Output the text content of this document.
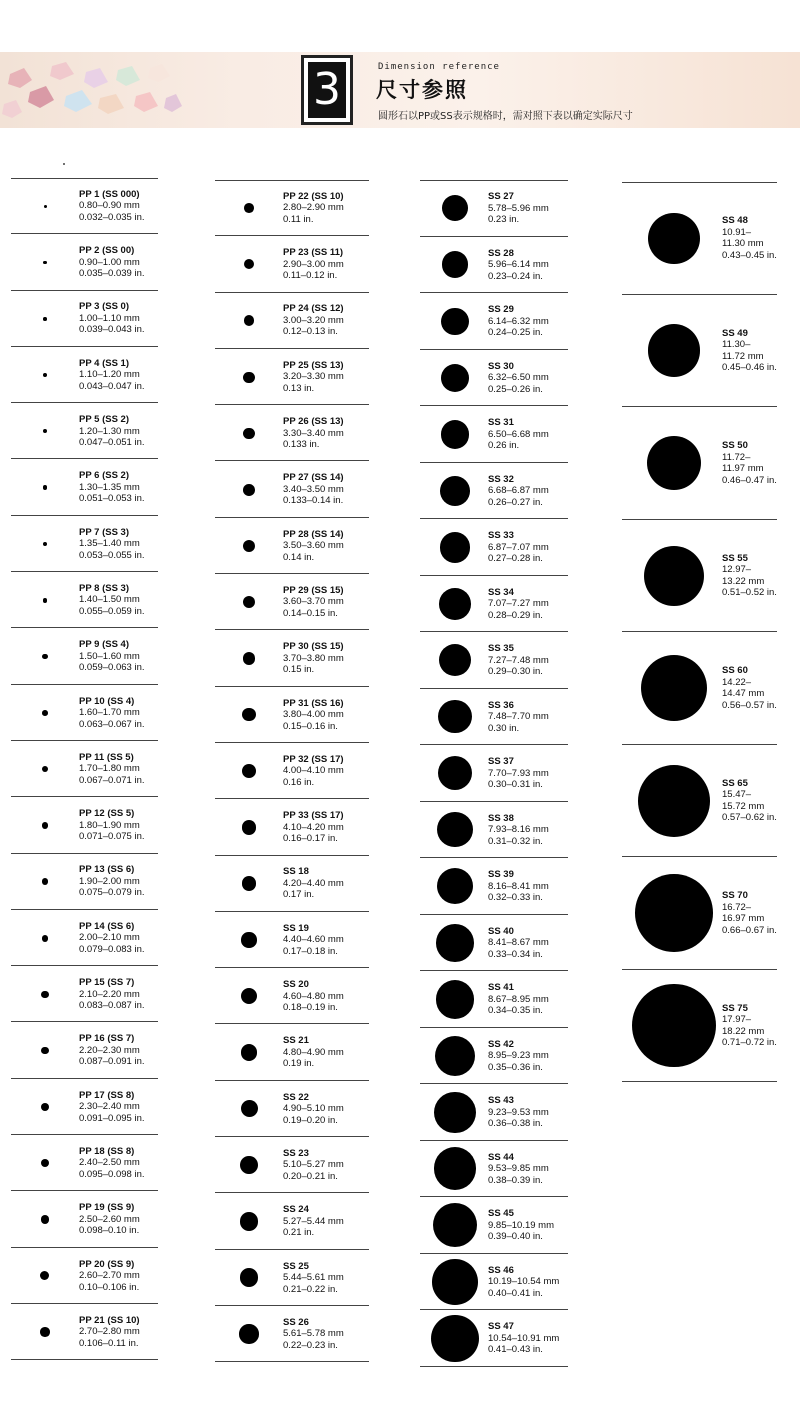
3	Dimension reference
尺寸参照
圆形石以PP或SS表示规格时，需对照下表以确定实际尺寸
PP 1 (SS 000)
0.80–0.90 mm
0.032–0.035 in.
PP 2 (SS 00)
0.90–1.00 mm
0.035–0.039 in.
PP 3 (SS 0)
1.00–1.10 mm
0.039–0.043 in.
PP 4 (SS 1)
1.10–1.20 mm
0.043–0.047 in.
PP 5 (SS 2)
1.20–1.30 mm
0.047–0.051 in.
PP 6 (SS 2)
1.30–1.35 mm
0.051–0.053 in.
PP 7 (SS 3)
1.35–1.40 mm
0.053–0.055 in.
PP 8 (SS 3)
1.40–1.50 mm
0.055–0.059 in.
PP 9 (SS 4)
1.50–1.60 mm
0.059–0.063 in.
PP 10 (SS 4)
1.60–1.70 mm
0.063–0.067 in.
PP 11 (SS 5)
1.70–1.80 mm
0.067–0.071 in.
PP 12 (SS 5)
1.80–1.90 mm
0.071–0.075 in.
PP 13 (SS 6)
1.90–2.00 mm
0.075–0.079 in.
PP 14 (SS 6)
2.00–2.10 mm
0.079–0.083 in.
PP 15 (SS 7)
2.10–2.20 mm
0.083–0.087 in.
PP 16 (SS 7)
2.20–2.30 mm
0.087–0.091 in.
PP 17 (SS 8)
2.30–2.40 mm
0.091–0.095 in.
PP 18 (SS 8)
2.40–2.50 mm
0.095–0.098 in.
PP 19 (SS 9)
2.50–2.60 mm
0.098–0.10 in.
PP 20 (SS 9)
2.60–2.70 mm
0.10–0.106 in.
PP 21 (SS 10)
2.70–2.80 mm
0.106–0.11 in.
PP 22 (SS 10)
2.80–2.90 mm
0.11 in.
PP 23 (SS 11)
2.90–3.00 mm
0.11–0.12 in.
PP 24 (SS 12)
3.00–3.20 mm
0.12–0.13 in.
PP 25 (SS 13)
3.20–3.30 mm
0.13 in.
PP 26 (SS 13)
3.30–3.40 mm
0.133 in.
PP 27 (SS 14)
3.40–3.50 mm
0.133–0.14 in.
PP 28 (SS 14)
3.50–3.60 mm
0.14 in.
PP 29 (SS 15)
3.60–3.70 mm
0.14–0.15 in.
PP 30 (SS 15)
3.70–3.80 mm
0.15 in.
PP 31 (SS 16)
3.80–4.00 mm
0.15–0.16 in.
PP 32 (SS 17)
4.00–4.10 mm
0.16 in.
PP 33 (SS 17)
4.10–4.20 mm
0.16–0.17 in.
SS 18
4.20–4.40 mm
0.17 in.
SS 19
4.40–4.60 mm
0.17–0.18 in.
SS 20
4.60–4.80 mm
0.18–0.19 in.
SS 21
4.80–4.90 mm
0.19 in.
SS 22
4.90–5.10 mm
0.19–0.20 in.
SS 23
5.10–5.27 mm
0.20–0.21 in.
SS 24
5.27–5.44 mm
0.21 in.
SS 25
5.44–5.61 mm
0.21–0.22 in.
SS 26
5.61–5.78 mm
0.22–0.23 in.
SS 27
5.78–5.96 mm
0.23 in.
SS 28
5.96–6.14 mm
0.23–0.24 in.
SS 29
6.14–6.32 mm
0.24–0.25 in.
SS 30
6.32–6.50 mm
0.25–0.26 in.
SS 31
6.50–6.68 mm
0.26 in.
SS 32
6.68–6.87 mm
0.26–0.27 in.
SS 33
6.87–7.07 mm
0.27–0.28 in.
SS 34
7.07–7.27 mm
0.28–0.29 in.
SS 35
7.27–7.48 mm
0.29–0.30 in.
SS 36
7.48–7.70 mm
0.30 in.
SS 37
7.70–7.93 mm
0.30–0.31 in.
SS 38
7.93–8.16 mm
0.31–0.32 in.
SS 39
8.16–8.41 mm
0.32–0.33 in.
SS 40
8.41–8.67 mm
0.33–0.34 in.
SS 41
8.67–8.95 mm
0.34–0.35 in.
SS 42
8.95–9.23 mm
0.35–0.36 in.
SS 43
9.23–9.53 mm
0.36–0.38 in.
SS 44
9.53–9.85 mm
0.38–0.39 in.
SS 45
9.85–10.19 mm
0.39–0.40 in.
SS 46
10.19–10.54 mm
0.40–0.41 in.
SS 47
10.54–10.91 mm
0.41–0.43 in.
SS 48
10.91–
11.30 mm
0.43–0.45 in.
SS 49
11.30–
11.72 mm
0.45–0.46 in.
SS 50
11.72–
11.97 mm
0.46–0.47 in.
SS 55
12.97–
13.22 mm
0.51–0.52 in.
SS 60
14.22–
14.47 mm
0.56–0.57 in.
SS 65
15.47–
15.72 mm
0.57–0.62 in.
SS 70
16.72–
16.97 mm
0.66–0.67 in.
SS 75
17.97–
18.22 mm
0.71–0.72 in.
